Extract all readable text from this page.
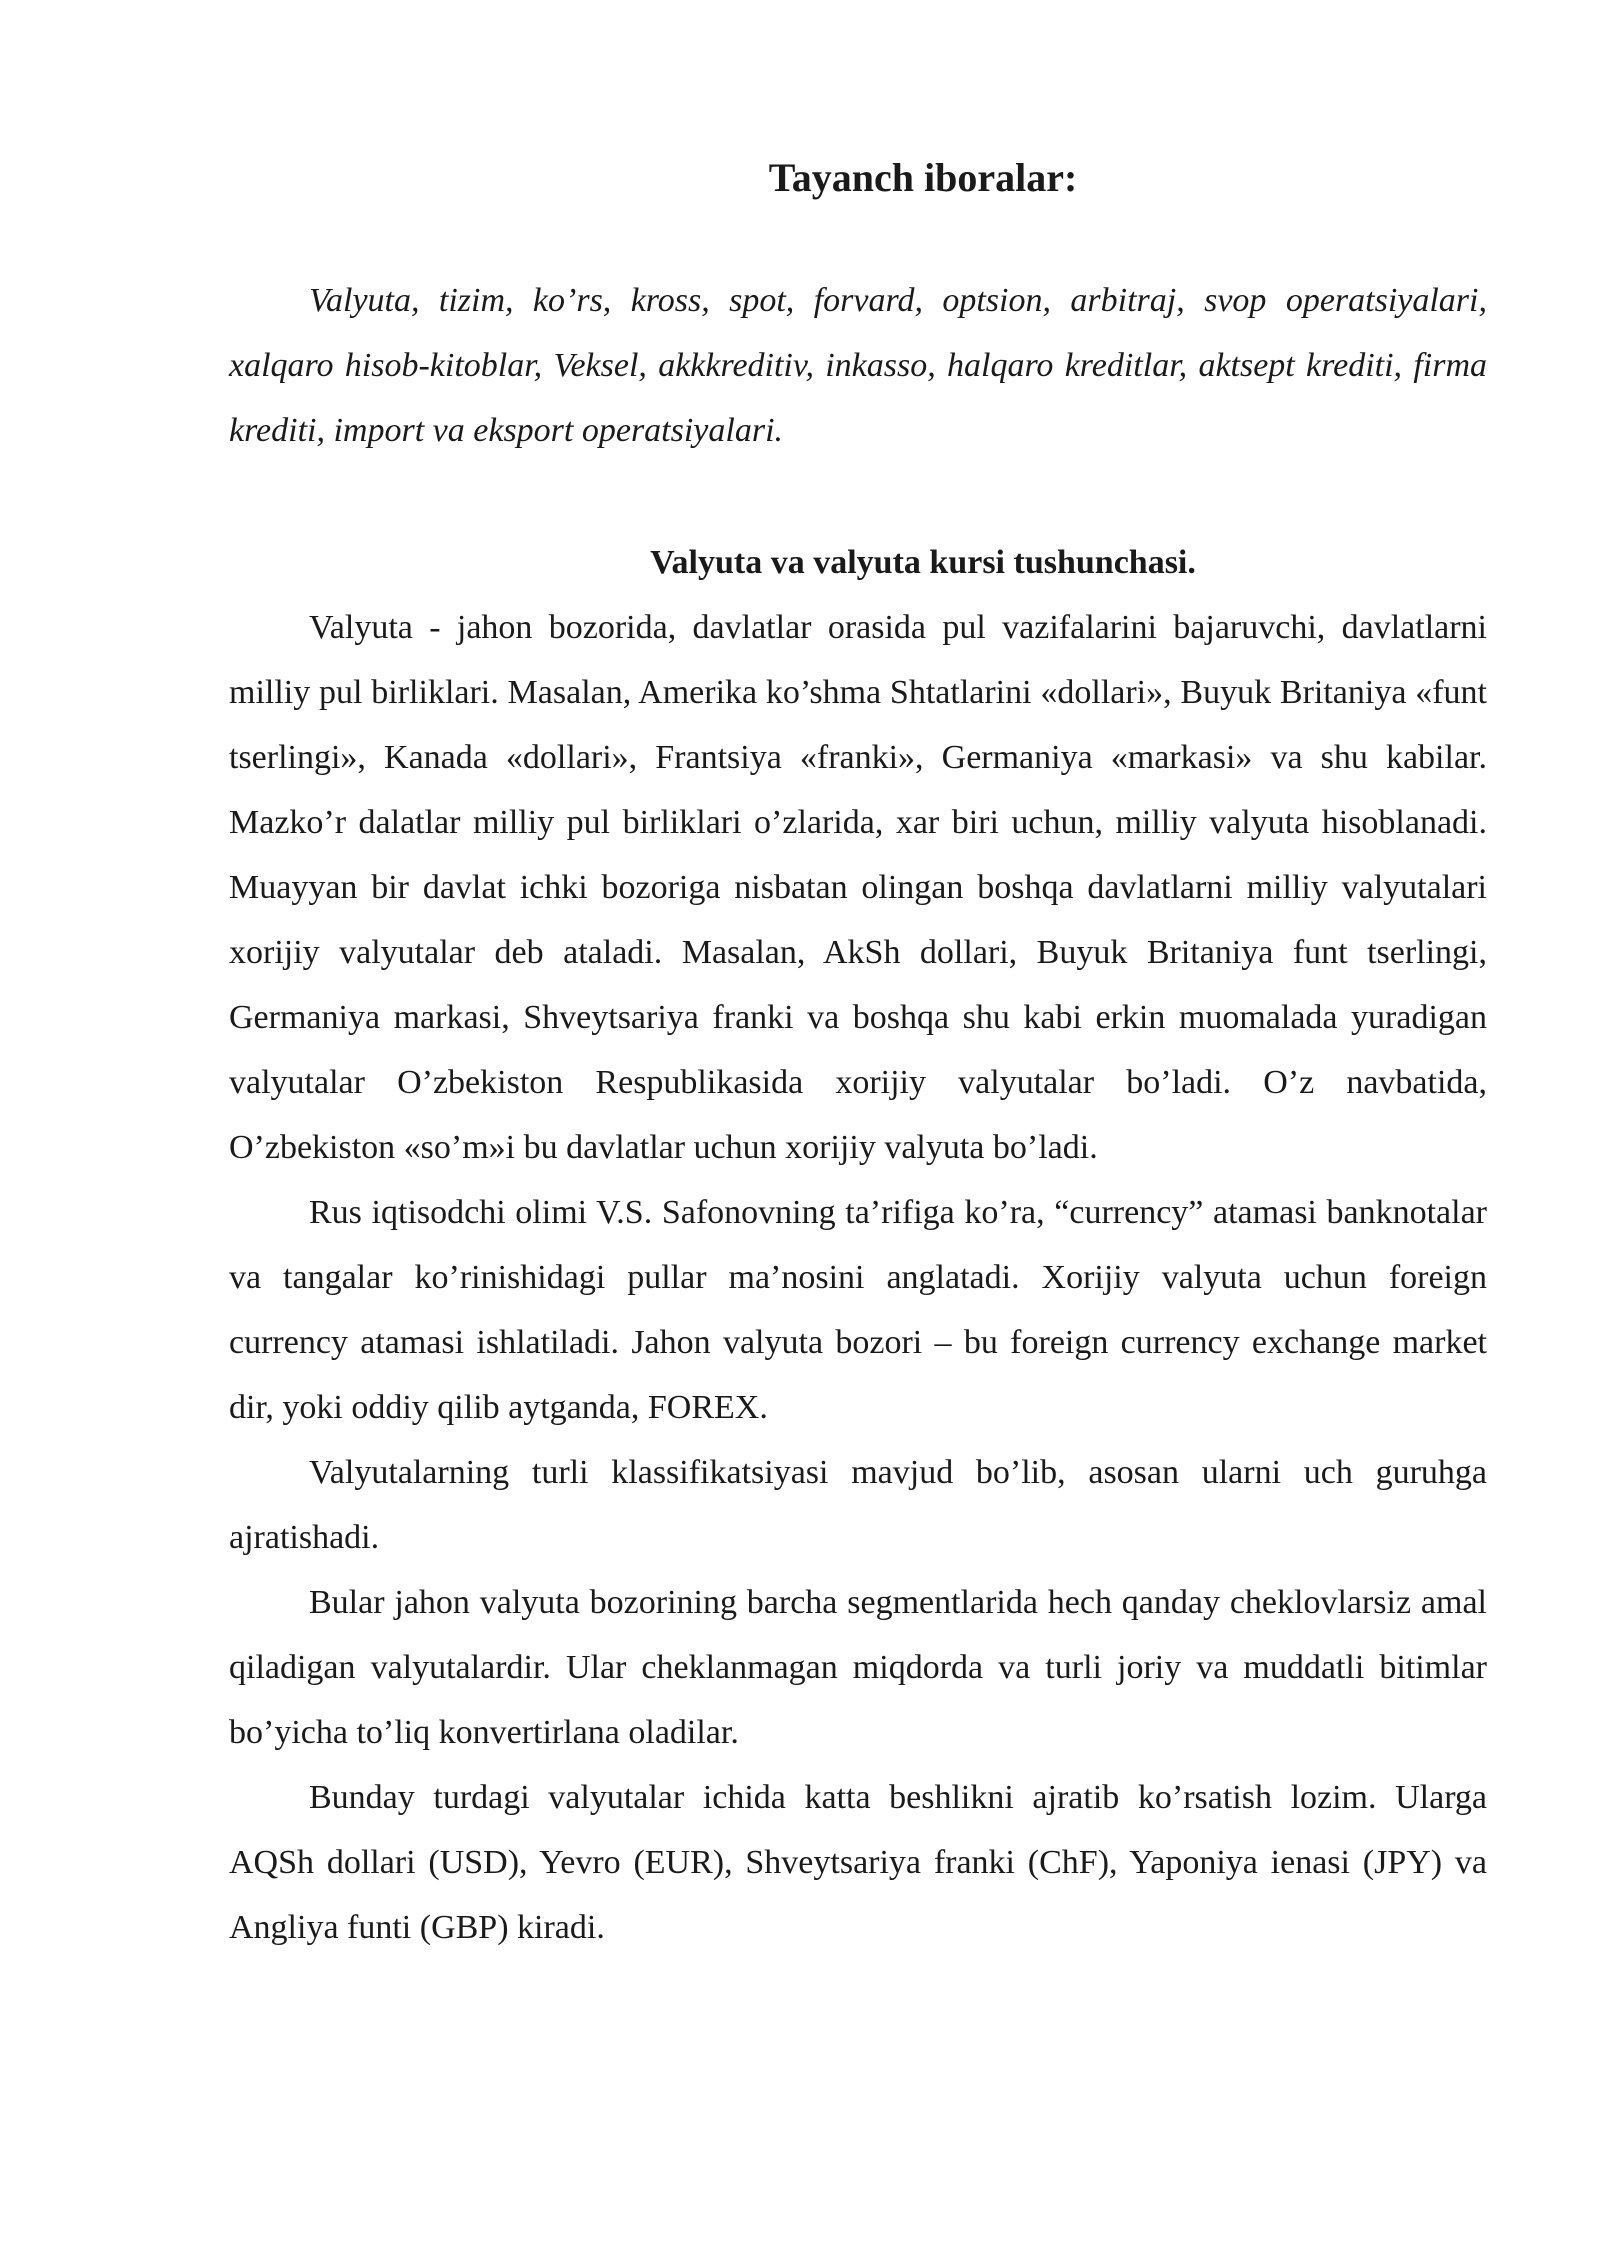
Tayanch iboralar:

Valyuta, tizim, ko’rs, kross, spot, forvard, optsion, arbitraj, svop operatsiyalari, xalqaro hisob-kitoblar, Veksel, akkkreditiv, inkasso, halqaro kreditlar, aktsept krediti, firma krediti, import va eksport operatsiyalari.

Valyuta va valyuta kursi tushunchasi.

Valyuta - jahon bozorida, davlatlar orasida pul vazifalarini bajaruvchi, davlatlarni milliy pul birliklari. Masalan, Amerika ko’shma Shtatlarini «dollari», Buyuk Britaniya «funt tserlingi», Kanada «dollari», Frantsiya «franki», Germaniya «markasi» va shu kabilar. Mazko’r dalatlar milliy pul birliklari o’zlarida, xar biri uchun, milliy valyuta hisoblanadi. Muayyan bir davlat ichki bozoriga nisbatan olingan boshqa davlatlarni milliy valyutalari xorijiy valyutalar deb ataladi. Masalan, AkSh dollari, Buyuk Britaniya funt tserlingi, Germaniya markasi, Shveytsariya franki va boshqa shu kabi erkin muomalada yuradigan valyutalar O’zbekiston Respublikasida xorijiy valyutalar bo’ladi. O’z navbatida, O’zbekiston «so’m»i bu davlatlar uchun xorijiy valyuta bo’ladi.

Rus iqtisodchi olimi V.S. Safonovning ta’rifiga ko’ra, “currency” atamasi banknotalar va tangalar ko’rinishidagi pullar ma’nosini anglatadi. Xorijiy valyuta uchun foreign currency atamasi ishlatiladi. Jahon valyuta bozori – bu foreign currency exchange market dir, yoki oddiy qilib aytganda, FOREX.

Valyutalarning turli klassifikatsiyasi mavjud bo’lib, asosan ularni uch guruhga ajratishadi.

Bular jahon valyuta bozorining barcha segmentlarida hech qanday cheklovlarsiz amal qiladigan valyutalardir. Ular cheklanmagan miqdorda va turli joriy va muddatli bitimlar bo’yicha to’liq konvertirlana oladilar.

Bunday turdagi valyutalar ichida katta beshlikni ajratib ko’rsatish lozim. Ularga AQSh dollari (USD), Yevro (EUR), Shveytsariya franki (ChF), Yaponiya ienasi (JPY) va Angliya funti (GBP) kiradi.
